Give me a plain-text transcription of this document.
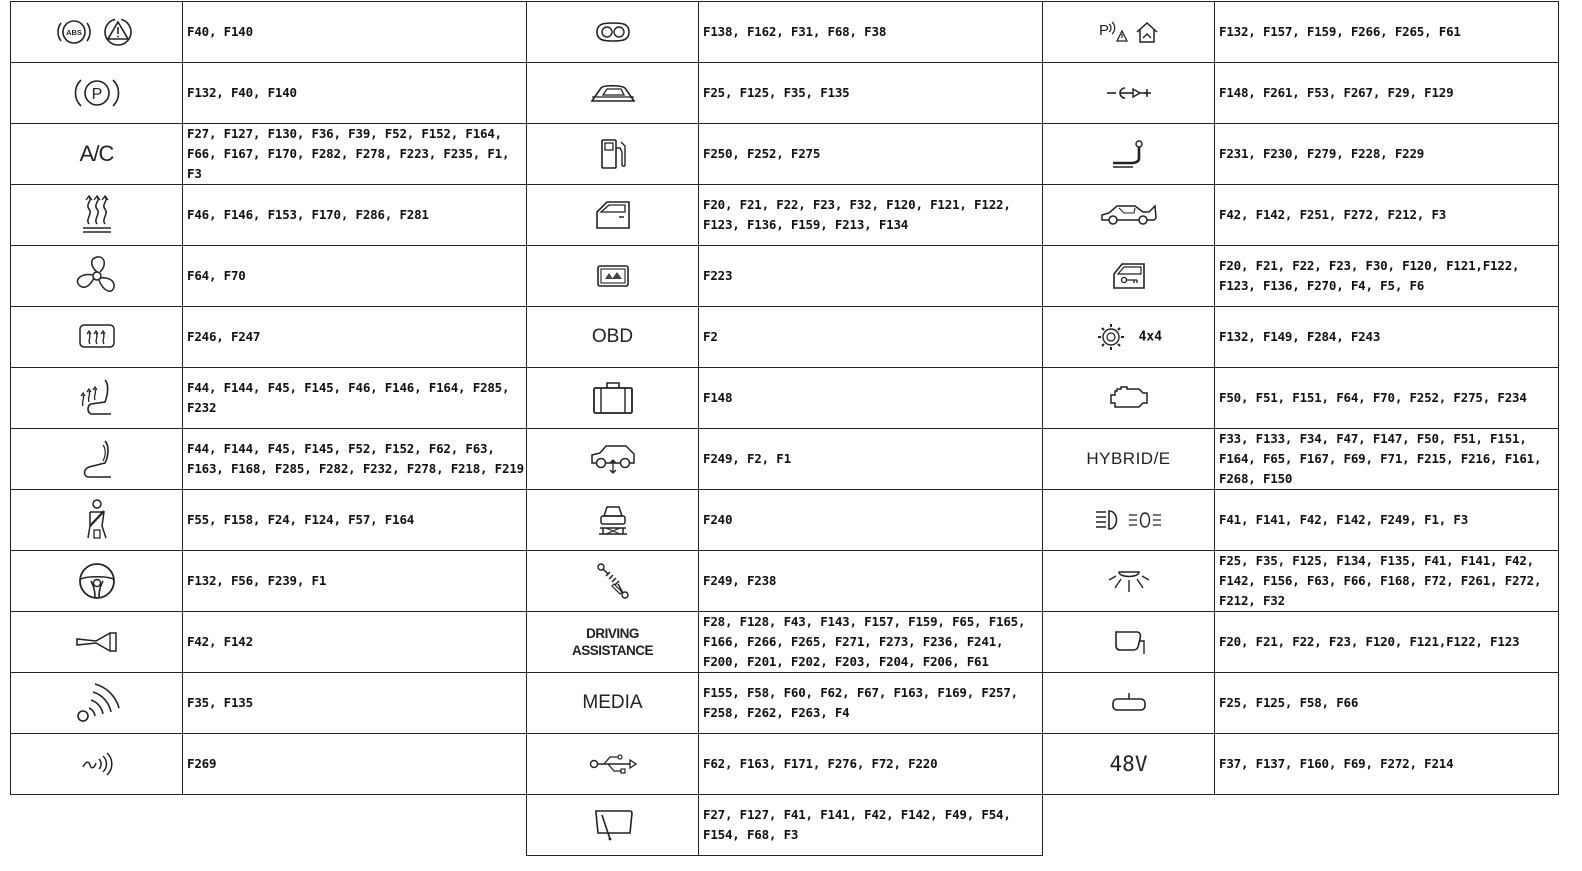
ABS	F40, F140

P	F132, F40, F140
A/C	F27, F127, F130, F36, F39, F52, F152, F164, F66, F167, F170, F282, F278, F223, F235, F1, F3

	F46, F146, F153, F170, F286, F281

	F64, F70

	F246, F247

	F44, F144, F45, F145, F46, F146, F164, F285, F232

	F44, F144, F45, F145, F52, F152, F62, F63, F163, F168, F285, F282, F232, F278, F218, F219

	F55, F158, F24, F124, F57, F164

	F132, F56, F239, F1

	F42, F142

	F35, F135

	F269
	F138, F162, F31, F68, F38

	F25, F125, F35, F135

	F250, F252, F275

	F20, F21, F22, F23, F32, F120, F121, F122, F123, F136, F159, F213, F134

	F223
OBD	F2

	F148

	F249, F2, F1

	F240

	F249, F238
DRIVING
ASSISTANCE	F28, F128, F43, F143, F157, F159, F65, F165, F166, F266, F265, F271, F273, F236, F241, F200, F201, F202, F203, F204, F206, F61
MEDIA	F155, F58, F60, F62, F67, F163, F169, F257, F258, F262, F263, F4

	F62, F163, F171, F276, F72, F220

	F27, F127, F41, F141, F42, F142, F49, F54, F154, F68, F3
P	F132, F157, F159, F266, F265, F61

	F148, F261, F53, F267, F29, F129

	F231, F230, F279, F228, F229

	F42, F142, F251, F272, F212, F3

	F20, F21, F22, F23, F30, F120, F121,F122, F123, F136, F270, F4, F5, F6
4x4	F132, F149, F284, F243

	F50, F51, F151, F64, F70, F252, F275, F234
HYBRID/E	F33, F133, F34, F47, F147, F50, F51, F151, F164, F65, F167, F69, F71, F215, F216, F161, F268, F150

	F41, F141, F42, F142, F249, F1, F3

	F25, F35, F125, F134, F135, F41, F141, F42, F142, F156, F63, F66, F168, F72, F261, F272, F212, F32

	F20, F21, F22, F23, F120, F121,F122, F123

	F25, F125, F58, F66
48V	F37, F137, F160, F69, F272, F214
